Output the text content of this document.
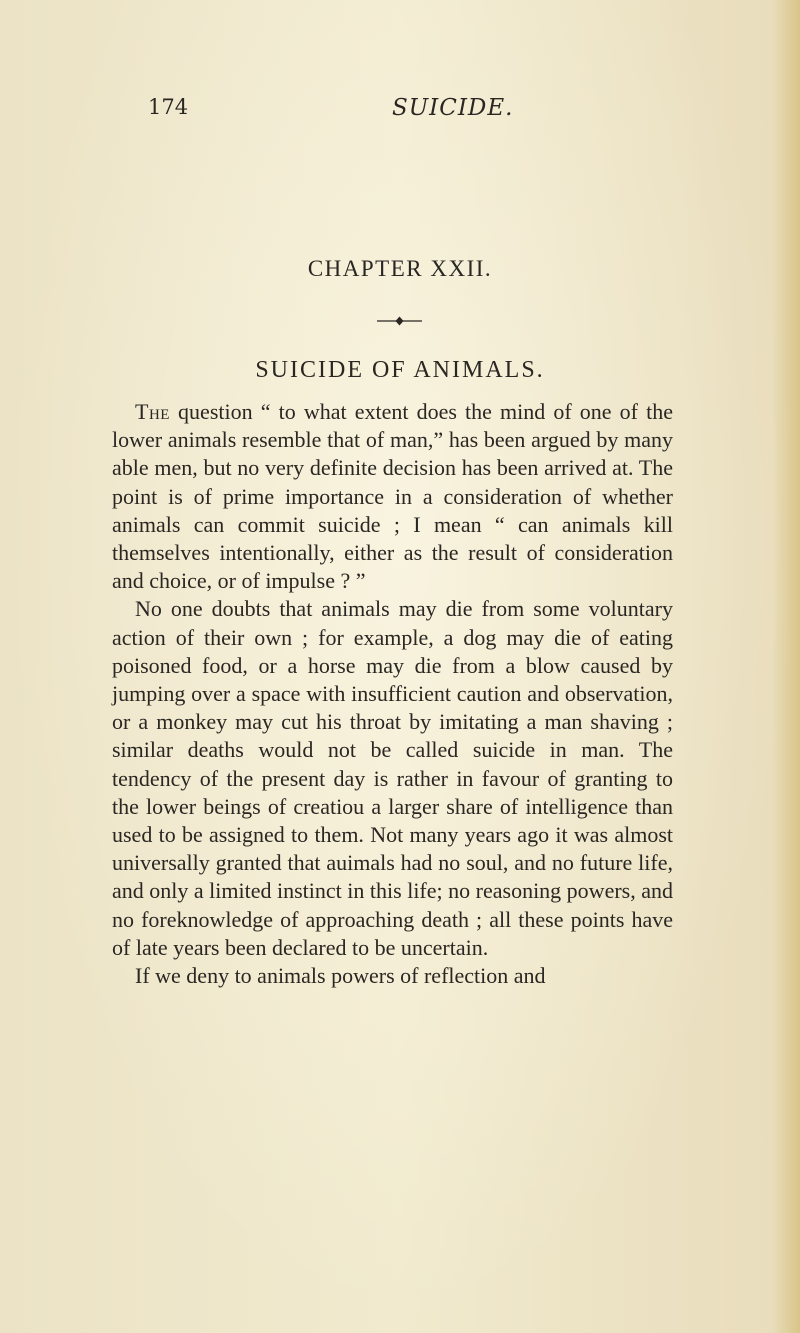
174	SUICIDE.
CHAPTER XXII.
SUICIDE OF ANIMALS.

The question “ to what extent does the mind of one of the lower animals resemble that of man,” has been argued by many able men, but no very definite decision has been arrived at. The point is of prime importance in a consideration of whether animals can commit suicide ; I mean “ can animals kill themselves intentionally, either as the result of consideration and choice, or of impulse ? ”

No one doubts that animals may die from some voluntary action of their own ; for example, a dog may die of eating poisoned food, or a horse may die from a blow caused by jumping over a space with insufficient caution and observation, or a monkey may cut his throat by imitating a man shaving ; similar deaths would not be called suicide in man. The tendency of the present day is rather in favour of granting to the lower beings of creatiou a larger share of intelligence than used to be assigned to them. Not many years ago it was almost universally granted that auimals had no soul, and no future life, and only a limited instinct in this life; no reasoning powers, and no foreknowledge of approaching death ; all these points have of late years been declared to be uncertain.

If we deny to animals powers of reflection and
